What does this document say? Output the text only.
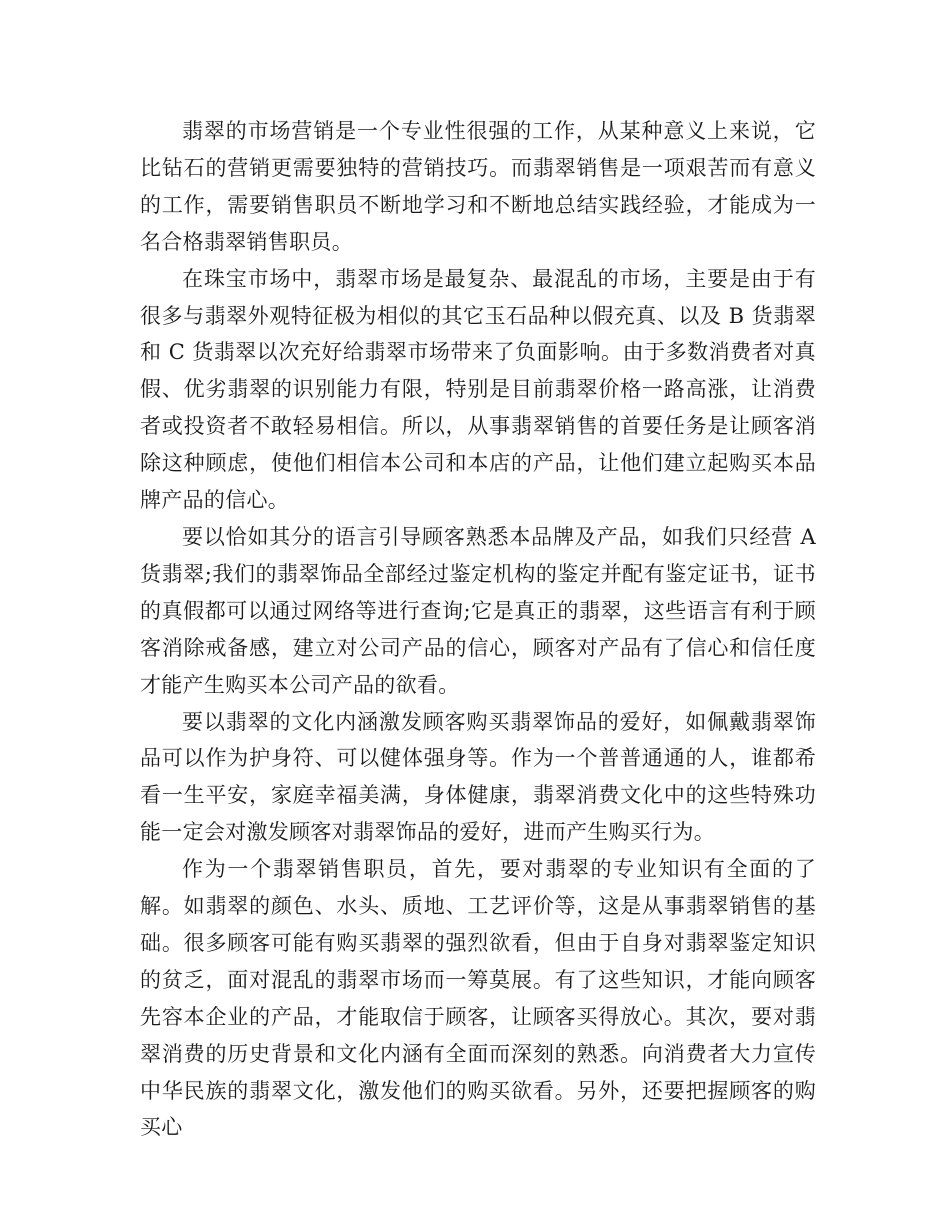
翡翠的市场营销是一个专业性很强的工作，从某种意义上来说，它比钻石的营销更需要独特的营销技巧。而翡翠销售是一项艰苦而有意义的工作，需要销售职员不断地学习和不断地总结实践经验，才能成为一名合格翡翠销售职员。

在珠宝市场中，翡翠市场是最复杂、最混乱的市场，主要是由于有很多与翡翠外观特征极为相似的其它玉石品种以假充真、以及 B 货翡翠和 C 货翡翠以次充好给翡翠市场带来了负面影响。由于多数消费者对真假、优劣翡翠的识别能力有限，特别是目前翡翠价格一路高涨，让消费者或投资者不敢轻易相信。所以，从事翡翠销售的首要任务是让顾客消除这种顾虑，使他们相信本公司和本店的产品，让他们建立起购买本品牌产品的信心。

要以恰如其分的语言引导顾客熟悉本品牌及产品，如我们只经营 A 货翡翠;我们的翡翠饰品全部经过鉴定机构的鉴定并配有鉴定证书，证书的真假都可以通过网络等进行查询;它是真正的翡翠，这些语言有利于顾客消除戒备感，建立对公司产品的信心，顾客对产品有了信心和信任度才能产生购买本公司产品的欲看。

要以翡翠的文化内涵激发顾客购买翡翠饰品的爱好，如佩戴翡翠饰品可以作为护身符、可以健体强身等。作为一个普普通通的人，谁都希看一生平安，家庭幸福美满，身体健康，翡翠消费文化中的这些特殊功能一定会对激发顾客对翡翠饰品的爱好，进而产生购买行为。

作为一个翡翠销售职员，首先，要对翡翠的专业知识有全面的了解。如翡翠的颜色、水头、质地、工艺评价等，这是从事翡翠销售的基础。很多顾客可能有购买翡翠的强烈欲看，但由于自身对翡翠鉴定知识的贫乏，面对混乱的翡翠市场而一筹莫展。有了这些知识，才能向顾客先容本企业的产品，才能取信于顾客，让顾客买得放心。其次，要对翡翠消费的历史背景和文化内涵有全面而深刻的熟悉。向消费者大力宣传中华民族的翡翠文化，激发他们的购买欲看。另外，还要把握顾客的购买心
